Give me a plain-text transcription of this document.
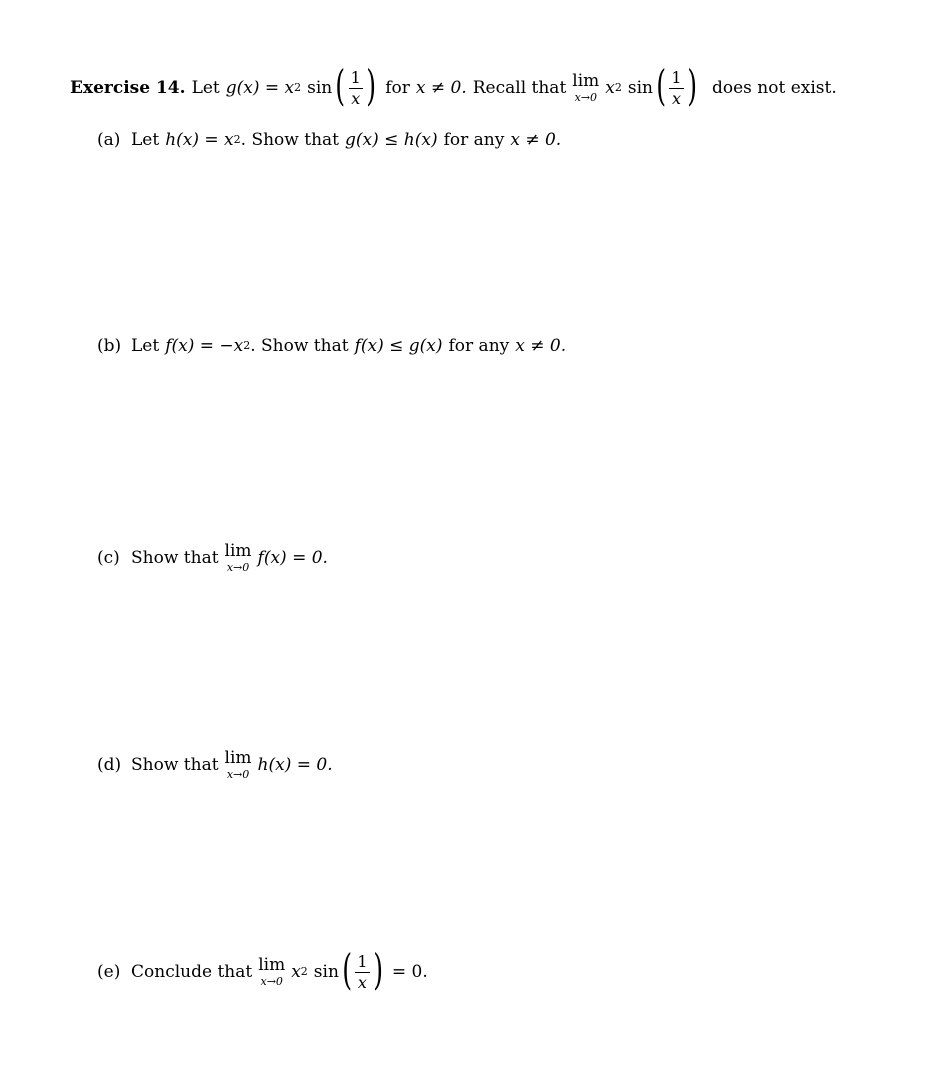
Exercise 14. Let g(x) = x 2 sin ( $\frac{1}{x}$ ) for x ≠ 0. Recall that lim
x→0 x 2 sin ( $\frac{1}{x}$ ) does not exist.
(a) Let h(x) = x 2 . Show that g(x) ≤ h(x) for any x ≠ 0.
(b) Let f(x) = −x 2 . Show that f(x) ≤ g(x) for any x ≠ 0.
(c) Show that lim
x→0 f(x) = 0.
(d) Show that lim
x→0 h(x) = 0.
(e) Conclude that lim
x→0 x 2 sin ( $\frac{1}{x}$ ) = 0.
